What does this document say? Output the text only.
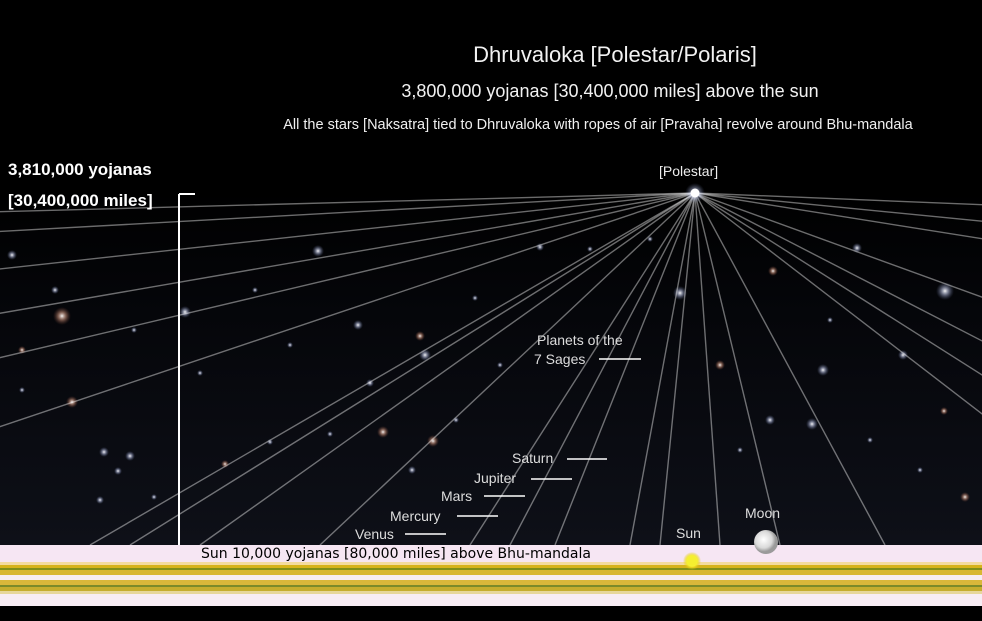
Dhruvaloka [Polestar/Polaris]
3,800,000 yojanas [30,400,000 miles] above the sun
All the stars [Naksatra] tied to Dhruvaloka with ropes of air [Pravaha] revolve around Bhu-mandala
3,810,000 yojanas
[30,400,000 miles]
[Polestar]
Planets of the
7 Sages
Saturn
Jupiter
Mars
Mercury
Venus	Sun
Moon
Sun 10,000 yojanas [80,000 miles] above Bhu-mandala
